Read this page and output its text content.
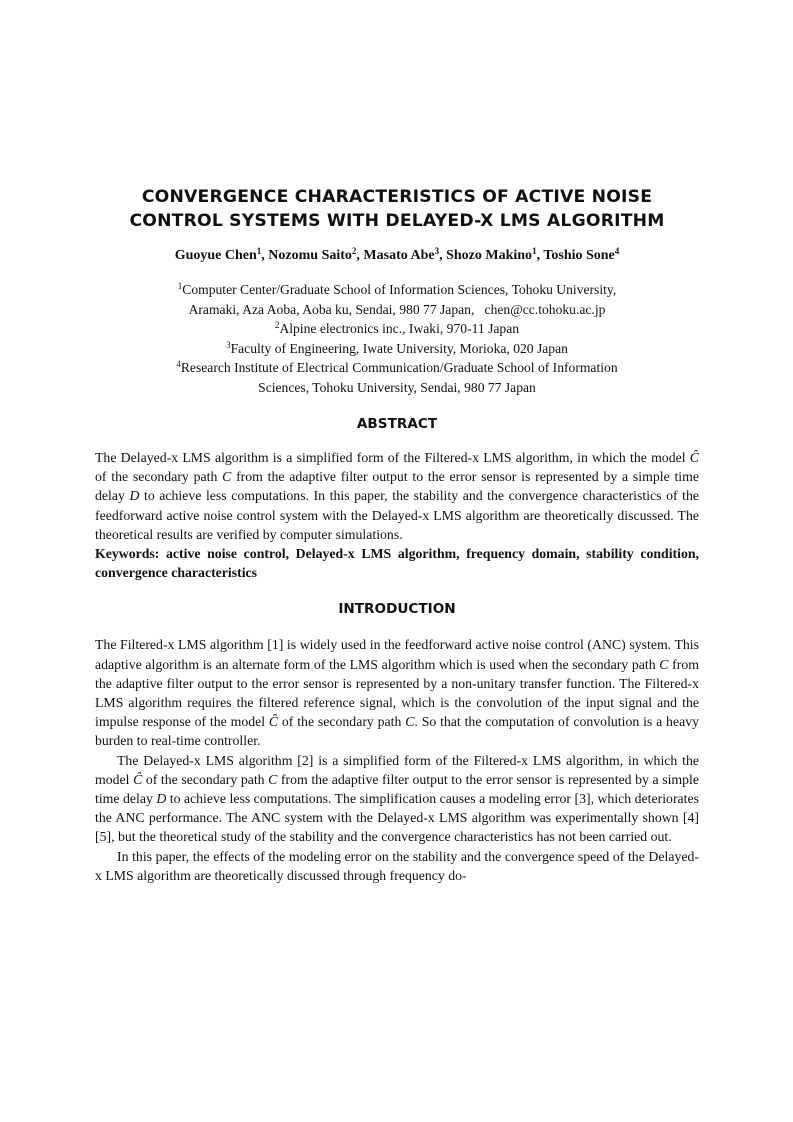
CONVERGENCE CHARACTERISTICS OF ACTIVE NOISE
CONTROL SYSTEMS WITH DELAYED-X LMS ALGORITHM
Guoyue Chen$^1$, Nozomu Saito$^2$, Masato Abe$^3$, Shozo Makino$^1$, Toshio Sone$^4$
$^1$Computer Center/Graduate School of Information Sciences, Tohoku University,
Aramaki, Aza Aoba, Aoba ku, Sendai, 980 77 Japan,   chen@cc.tohoku.ac.jp
$^2$Alpine electronics inc., Iwaki, 970-11 Japan
$^3$Faculty of Engineering, Iwate University, Morioka, 020 Japan
$^4$Research Institute of Electrical Communication/Graduate School of Information
Sciences, Tohoku University, Sendai, 980 77 Japan
ABSTRACT

The Delayed-x LMS algorithm is a simplified form of the Filtered-x LMS algorithm, in which the model Ĉ of the secondary path C from the adaptive filter output to the error sensor is represented by a simple time delay D to achieve less computations. In this paper, the stability and the convergence characteristics of the feedforward active noise control system with the Delayed-x LMS algorithm are theoretically discussed. The theoretical results are verified by computer simulations.

Keywords: active noise control, Delayed-x LMS algorithm, frequency domain, stability condition, convergence characteristics
INTRODUCTION

The Filtered-x LMS algorithm [1] is widely used in the feedforward active noise control (ANC) system. This adaptive algorithm is an alternate form of the LMS algorithm which is used when the secondary path C from the adaptive filter output to the error sensor is represented by a non-unitary transfer function. The Filtered-x LMS algorithm requires the filtered reference signal, which is the convolution of the input signal and the impulse response of the model Ĉ of the secondary path C. So that the computation of convolution is a heavy burden to real-time controller.

The Delayed-x LMS algorithm [2] is a simplified form of the Filtered-x LMS algorithm, in which the model Ĉ of the secondary path C from the adaptive filter output to the error sensor is represented by a simple time delay D to achieve less computations. The simplification causes a modeling error [3], which deteriorates the ANC performance. The ANC system with the Delayed-x LMS algorithm was experimentally shown [4][5], but the theoretical study of the stability and the convergence characteristics has not been carried out.

In this paper, the effects of the modeling error on the stability and the convergence speed of the Delayed-x LMS algorithm are theoretically discussed through frequency do-
